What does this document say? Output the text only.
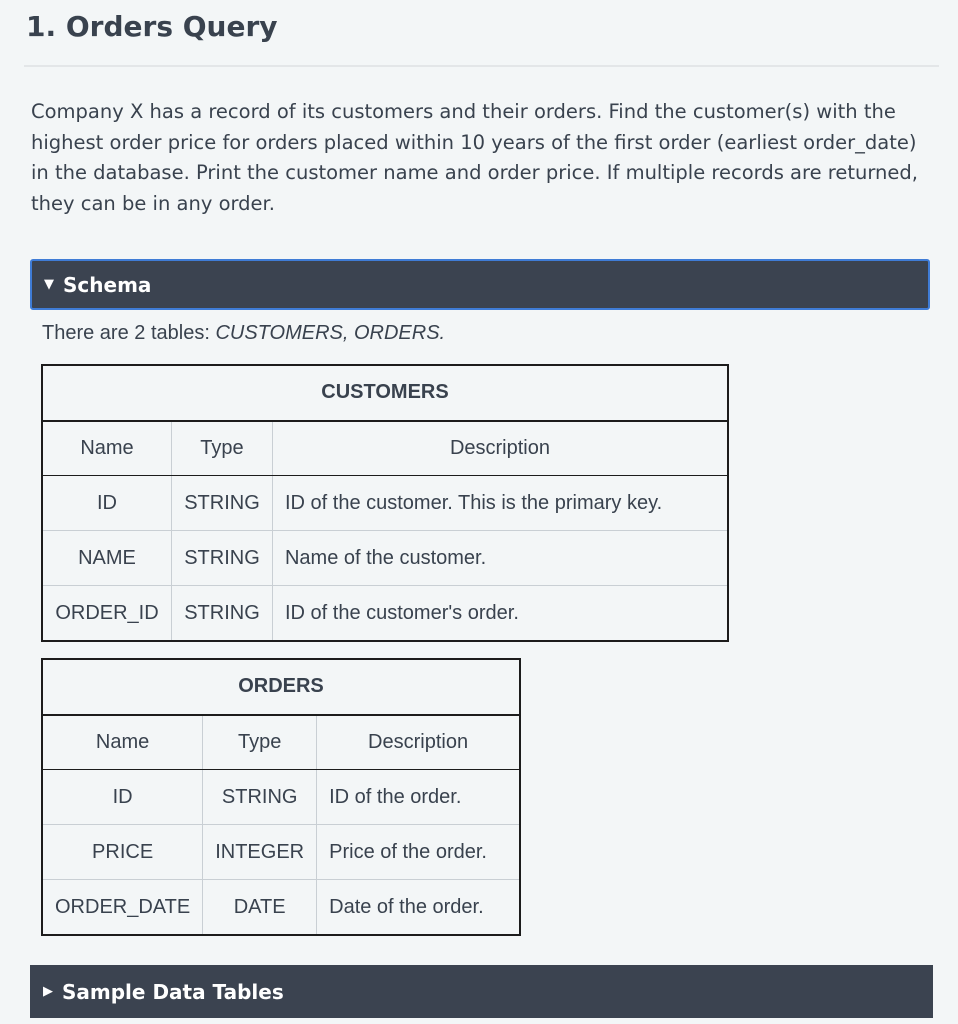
1. Orders Query

Company X has a record of its customers and their orders. Find the customer(s) with the highest order price for orders placed within 10 years of the first order (earliest order_date) in the database. Print the customer name and order price. If multiple records are returned, they can be in any order.

▼ Schema

There are 2 tables: CUSTOMERS, ORDERS.

CUSTOMERS		
Name	Type	Description
ID	STRING	ID of the customer. This is the primary key.
NAME	STRING	Name of the customer.
ORDER_ID	STRING	ID of the customer's order.
ORDERS		
Name	Type	Description
ID	STRING	ID of the order.
PRICE	INTEGER	Price of the order.
ORDER_DATE	DATE	Date of the order.
▶ Sample Data Tables
